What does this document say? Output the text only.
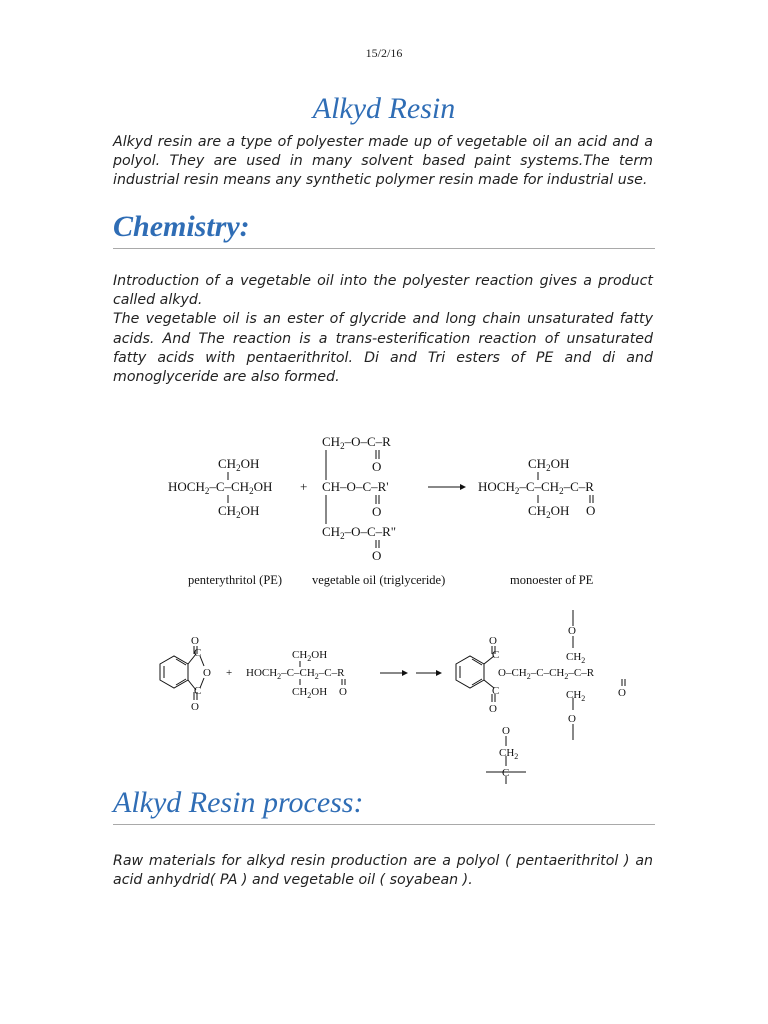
15/2/16
Alkyd Resin

Alkyd resin are a type of polyester made up of vegetable oil an acid and a polyol. They are used in many solvent based paint systems.The term industrial resin means any synthetic polymer resin made for industrial use.

Chemistry:

Introduction of a vegetable oil into the polyester reaction gives a product called alkyd.

The vegetable oil is an ester of glycride and long chain unsaturated fatty acids. And The reaction is a trans-esterification reaction of unsaturated fatty acids with pentaerithritol. Di and Tri esters of PE and di and monoglyceride are also formed.

$CH_2OH$
$HOCH_2-C-CH_2OH$
$CH_2OH$
+
$CH_2-O-C-R$
O
CH–O–C–R'
O
$CH_2-O-C-R$"
O
$CH_2OH$
$HOCH_2-C-CH_2-C-R$
$CH_2OH$ O
penterythritol (PE) vegetable oil (triglyceride)	monoester of PE
O
C
O
C
O
+
$CH_2OH$
$HOCH_2-C-CH_2-C-R$
$CH_2OH$ O
O
C
$O-CH_2-C-CH_2-C-R$
O
$CH_2$
$CH_2$
O
O
C
O
O
$CH_2$
C
Alkyd Resin process:

Raw materials for alkyd resin production are a polyol ( pentaerithritol ) an acid anhydrid( PA ) and vegetable oil ( soyabean ).
